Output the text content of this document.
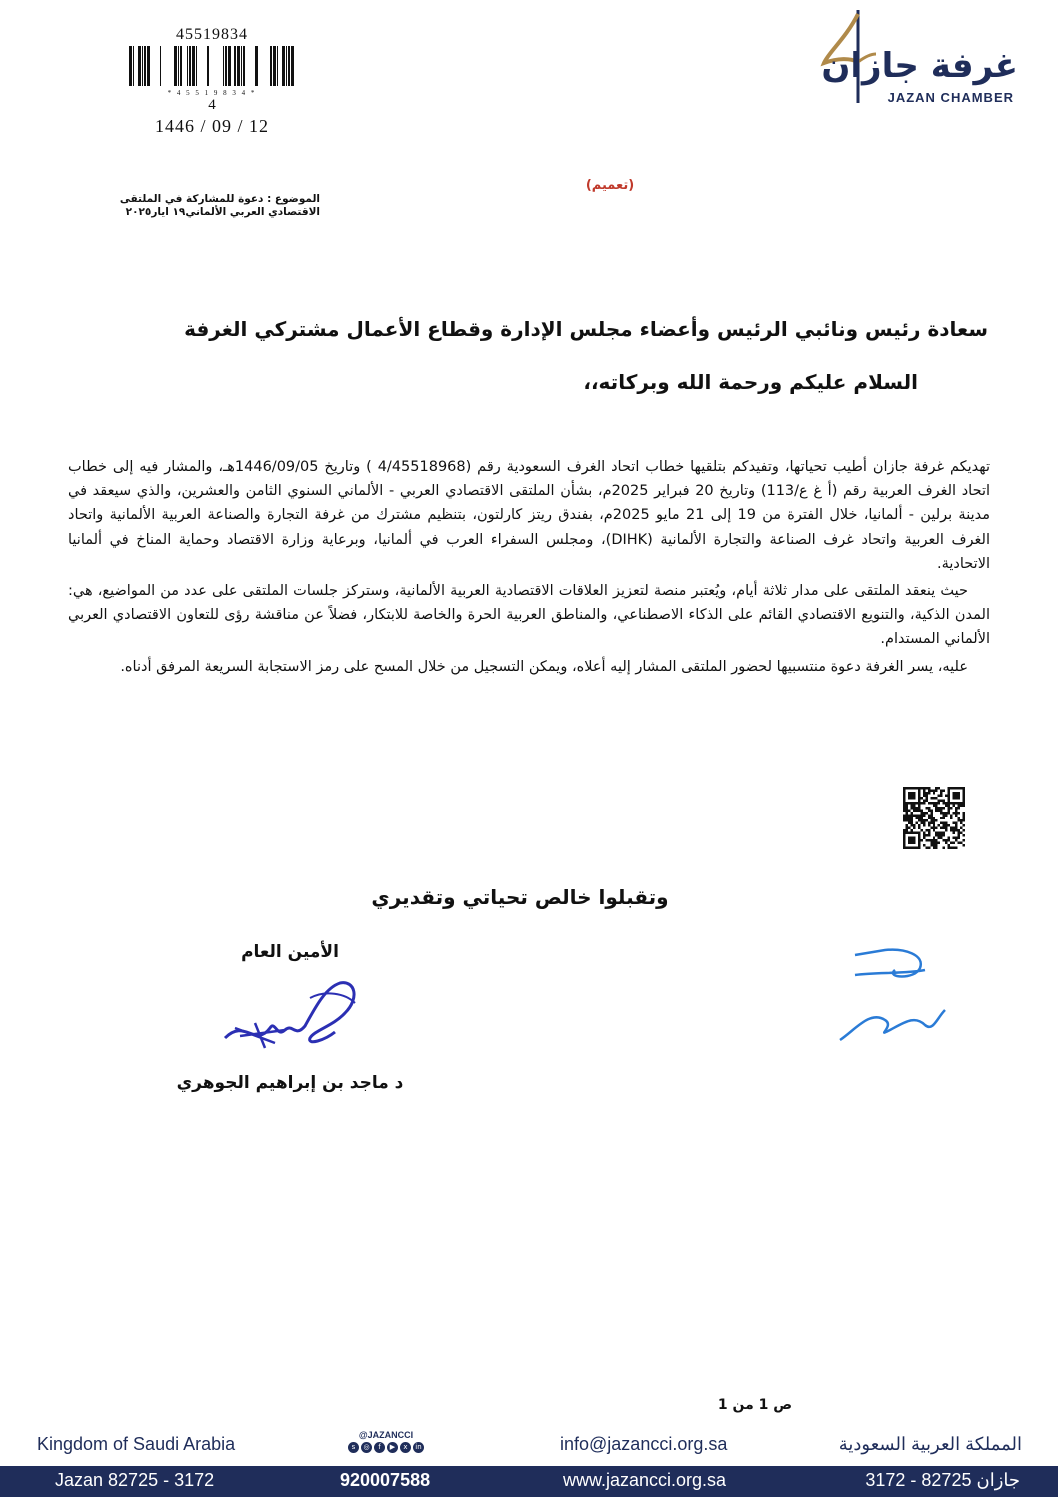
غرفة جازان
JAZAN CHAMBER
45519834
* 4 5 5 1 9 8 3 4 *
4
1446 / 09 / 12
(تعميم)
الموضوع : دعوة للمشاركة في الملتقى الاقتصادي العربي الألماني١٩ ايار٢٠٢٥
سعادة رئيس ونائبي الرئيس وأعضاء مجلس الإدارة وقطاع الأعمال مشتركي الغرفة
السلام عليكم ورحمة الله وبركاته،،

تهديكم غرفة جازان أطيب تحياتها، وتفيدكم بتلقيها خطاب اتحاد الغرف السعودية رقم (4/45518968 ) وتاريخ 1446/09/05هـ، والمشار فيه إلى خطاب اتحاد الغرف العربية رقم (أ غ ع/113) وتاريخ 20 فبراير 2025م، بشأن الملتقى الاقتصادي العربي - الألماني السنوي الثامن والعشرين، والذي سيعقد في مدينة برلين - ألمانيا، خلال الفترة من 19 إلى 21 مايو 2025م، بفندق ريتز كارلتون، بتنظيم مشترك من غرفة التجارة والصناعة العربية الألمانية واتحاد الغرف العربية واتحاد غرف الصناعة والتجارة الألمانية (DIHK)، ومجلس السفراء العرب في ألمانيا، وبرعاية وزارة الاقتصاد وحماية المناخ في ألمانيا الاتحادية.

حيث ينعقد الملتقى على مدار ثلاثة أيام، ويُعتبر منصة لتعزيز العلاقات الاقتصادية العربية الألمانية، وستركز جلسات الملتقى على عدد من المواضيع، هي: المدن الذكية، والتنويع الاقتصادي القائم على الذكاء الاصطناعي، والمناطق العربية الحرة والخاصة للابتكار، فضلاً عن مناقشة رؤى للتعاون الاقتصادي العربي الألماني المستدام.

عليه، يسر الغرفة دعوة منتسبيها لحضور الملتقى المشار إليه أعلاه، ويمكن التسجيل من خلال المسح على رمز الاستجابة السريعة المرفق أدناه.

وتقبلوا خالص تحياتي وتقديري
الأمين العام
د ماجد بن إبراهيم الجوهري
ص 1 من 1
Kingdom of Saudi Arabia	@JAZANCCI
s	◎	f	▶	x	in	info@jazancci.org.sa	المملكة العربية السعودية
Jazan 82725 - 3172	920007588	www.jazancci.org.sa	جازان 82725 - 3172
